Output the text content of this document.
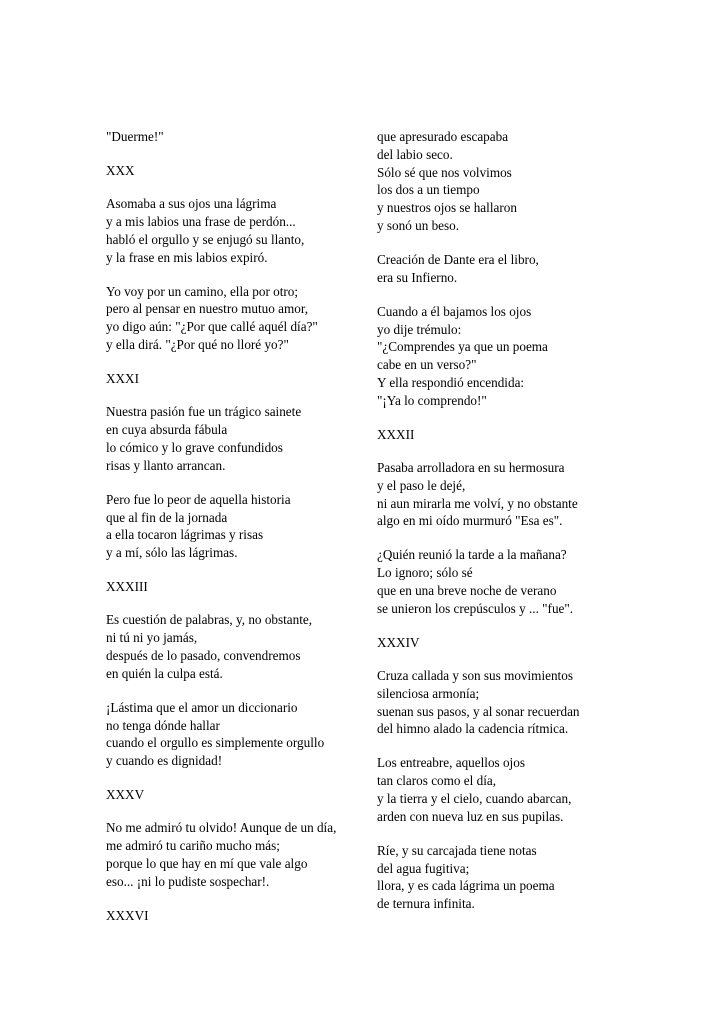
"Duerme!"
XXX
Asomaba a sus ojos una lágrima
y a mis labios una frase de perdón...
habló el orgullo y se enjugó su llanto,
y la frase en mis labios expiró.
Yo voy por un camino, ella por otro;
pero al pensar en nuestro mutuo amor,
yo digo aún: "¿Por que callé aquél día?"
y ella dirá. "¿Por qué no lloré yo?"
XXXI
Nuestra pasión fue un trágico sainete
en cuya absurda fábula
lo cómico y lo grave confundidos
risas y llanto arrancan.
Pero fue lo peor de aquella historia
que al fin de la jornada
a ella tocaron lágrimas y risas
y a mí, sólo las lágrimas.
XXXIII
Es cuestión de palabras, y, no obstante,
ni tú ni yo jamás,
después de lo pasado, convendremos
en quién la culpa está.
¡Lástima que el amor un diccionario
no tenga dónde hallar
cuando el orgullo es simplemente orgullo
y cuando es dignidad!
XXXV
No me admiró tu olvido! Aunque de un día,
me admiró tu cariño mucho más;
porque lo que hay en mí que vale algo
eso... ¡ni lo pudiste sospechar!.
XXXVI
que apresurado escapaba
del labio seco.
Sólo sé que nos volvimos
los dos a un tiempo
y nuestros ojos se hallaron
y sonó un beso.
Creación de Dante era el libro,
era su Infierno.
Cuando a él bajamos los ojos
yo dije trémulo:
"¿Comprendes ya que un poema
cabe en un verso?"
Y ella respondió encendida:
"¡Ya lo comprendo!"
XXXII
Pasaba arrolladora en su hermosura
y el paso le dejé,
ni aun mirarla me volví, y no obstante
algo en mi oído murmuró "Esa es".
¿Quién reunió la tarde a la mañana?
Lo ignoro; sólo sé
que en una breve noche de verano
se unieron los crepúsculos y ... "fue".
XXXIV
Cruza callada y son sus movimientos
silenciosa armonía;
suenan sus pasos, y al sonar recuerdan
del himno alado la cadencia rítmica.
Los entreabre, aquellos ojos
tan claros como el día,
y la tierra y el cielo, cuando abarcan,
arden con nueva luz en sus pupilas.
Ríe, y su carcajada tiene notas
del agua fugitiva;
llora, y es cada lágrima un poema
de ternura infinita.
